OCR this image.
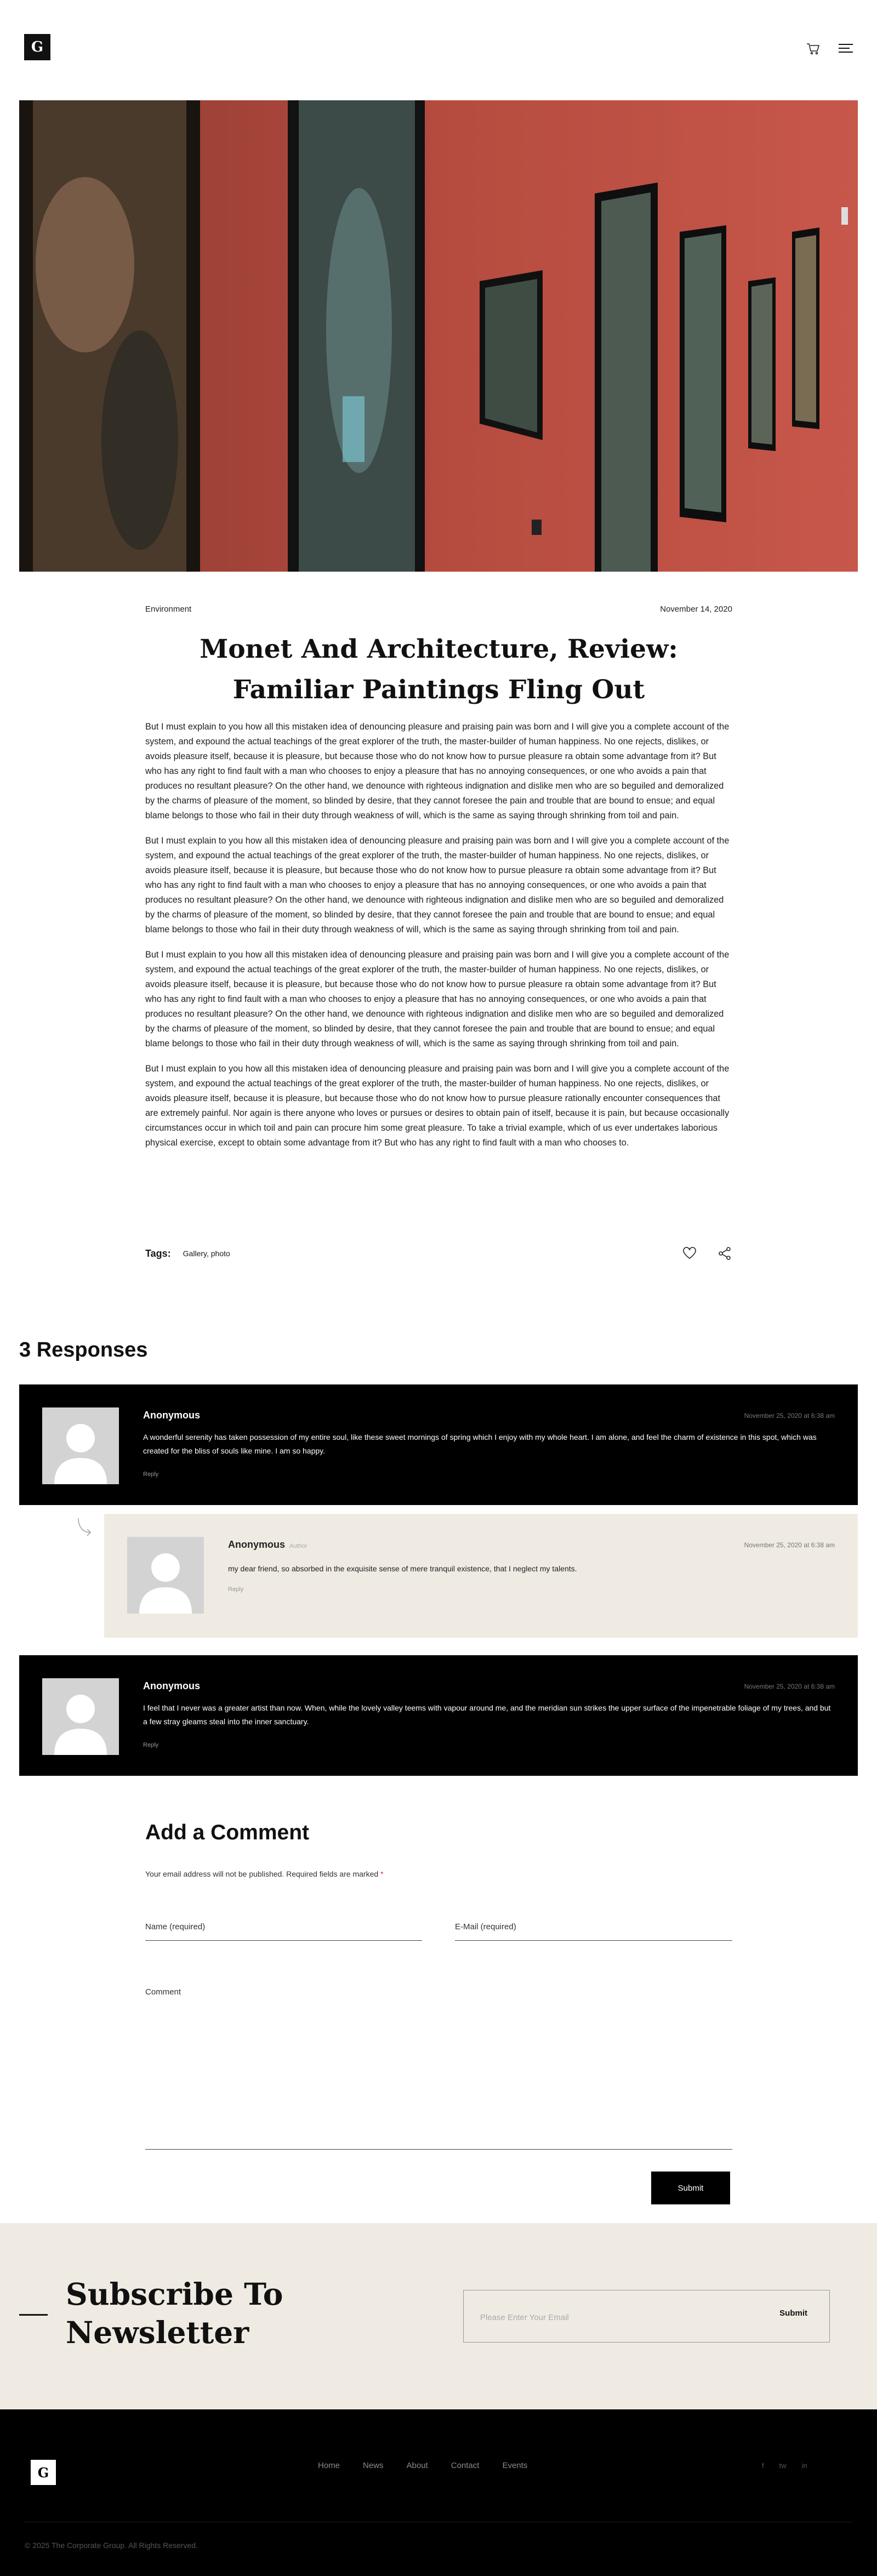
G
Environment	November 14, 2020
Monet And Architecture, Review:
Familiar Paintings Fling Out

But I must explain to you how all this mistaken idea of denouncing pleasure and praising pain was born and I will give you a complete account of the system, and expound the actual teachings of the great explorer of the truth, the master-builder of human happiness. No one rejects, dislikes, or avoids pleasure itself, because it is pleasure, but because those who do not know how to pursue pleasure ra obtain some advantage from it? But who has any right to find fault with a man who chooses to enjoy a pleasure that has no annoying consequences, or one who avoids a pain that produces no resultant pleasure? On the other hand, we denounce with righteous indignation and dislike men who are so beguiled and demoralized by the charms of pleasure of the moment, so blinded by desire, that they cannot foresee the pain and trouble that are bound to ensue; and equal blame belongs to those who fail in their duty through weakness of will, which is the same as saying through shrinking from toil and pain.

But I must explain to you how all this mistaken idea of denouncing pleasure and praising pain was born and I will give you a complete account of the system, and expound the actual teachings of the great explorer of the truth, the master-builder of human happiness. No one rejects, dislikes, or avoids pleasure itself, because it is pleasure, but because those who do not know how to pursue pleasure ra obtain some advantage from it? But who has any right to find fault with a man who chooses to enjoy a pleasure that has no annoying consequences, or one who avoids a pain that produces no resultant pleasure? On the other hand, we denounce with righteous indignation and dislike men who are so beguiled and demoralized by the charms of pleasure of the moment, so blinded by desire, that they cannot foresee the pain and trouble that are bound to ensue; and equal blame belongs to those who fail in their duty through weakness of will, which is the same as saying through shrinking from toil and pain.

But I must explain to you how all this mistaken idea of denouncing pleasure and praising pain was born and I will give you a complete account of the system, and expound the actual teachings of the great explorer of the truth, the master-builder of human happiness. No one rejects, dislikes, or avoids pleasure itself, because it is pleasure, but because those who do not know how to pursue pleasure ra obtain some advantage from it? But who has any right to find fault with a man who chooses to enjoy a pleasure that has no annoying consequences, or one who avoids a pain that produces no resultant pleasure? On the other hand, we denounce with righteous indignation and dislike men who are so beguiled and demoralized by the charms of pleasure of the moment, so blinded by desire, that they cannot foresee the pain and trouble that are bound to ensue; and equal blame belongs to those who fail in their duty through weakness of will, which is the same as saying through shrinking from toil and pain.

But I must explain to you how all this mistaken idea of denouncing pleasure and praising pain was born and I will give you a complete account of the system, and expound the actual teachings of the great explorer of the truth, the master-builder of human happiness. No one rejects, dislikes, or avoids pleasure itself, because it is pleasure, but because those who do not know how to pursue pleasure rationally encounter consequences that are extremely painful. Nor again is there anyone who loves or pursues or desires to obtain pain of itself, because it is pain, but because occasionally circumstances occur in which toil and pain can procure him some great pleasure. To take a trivial example, which of us ever undertakes laborious physical exercise, except to obtain some advantage from it? But who has any right to find fault with a man who chooses to.

Tags: Gallery, photo
3 Responses
Anonymous	November 25, 2020 at 6:38 am
A wonderful serenity has taken possession of my entire soul, like these sweet mornings of spring which I enjoy with my whole heart. I am alone, and feel the charm of existence in this spot, which was created for the bliss of souls like mine. I am so happy.
Reply
Anonymous Author	November 25, 2020 at 6:38 am
my dear friend, so absorbed in the exquisite sense of mere tranquil existence, that I neglect my talents.
Reply
Anonymous	November 25, 2020 at 6:38 am
I feel that I never was a greater artist than now. When, while the lovely valley teems with vapour around me, and the meridian sun strikes the upper surface of the impenetrable foliage of my trees, and but a few stray gleams steal into the inner sanctuary.
Reply
Add a Comment
Your email address will not be published. Required fields are marked *
Name (required)
E-Mail (required)
Comment
Submit
Subscribe To
Newsletter
Please Enter Your Email
Submit
G	Home	News	About	Contact	Events	f tw in
© 2025 The Corporate Group. All Rights Reserved.
